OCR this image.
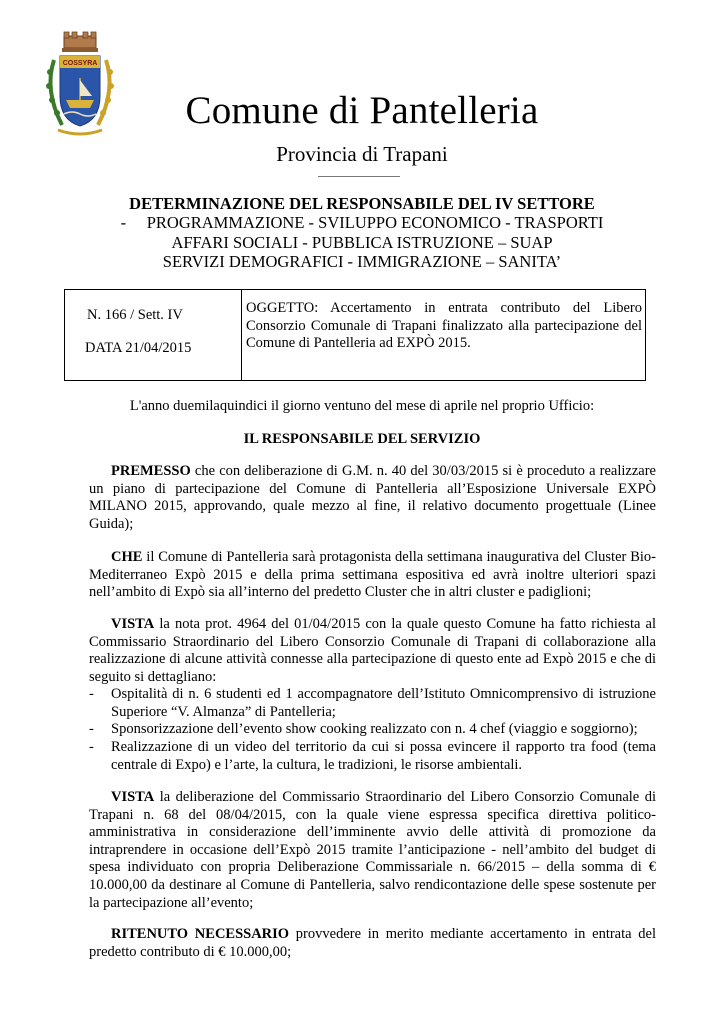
COSSYRA
Comune di Pantelleria
Provincia di Trapani
DETERMINAZIONE DEL RESPONSABILE DEL IV SETTORE
-     PROGRAMMAZIONE - SVILUPPO ECONOMICO - TRASPORTI
AFFARI SOCIALI - PUBBLICA ISTRUZIONE – SUAP
SERVIZI DEMOGRAFICI - IMMIGRAZIONE – SANITA’
N. 166 / Sett. IV
DATA 21/04/2015
OGGETTO: Accertamento in entrata contributo del Libero Consorzio Comunale di Trapani finalizzato alla partecipazione del Comune di Pantelleria ad EXPÒ 2015.
L'anno duemilaquindici il giorno ventuno del mese di aprile nel proprio Ufficio:
IL RESPONSABILE DEL SERVIZIO
PREMESSO che con deliberazione di G.M. n. 40 del 30/03/2015 si è proceduto a realizzare un piano di partecipazione del Comune di Pantelleria all’Esposizione Universale EXPÒ MILANO 2015, approvando, quale mezzo al fine, il relativo documento progettuale (Linee Guida);
CHE il Comune di Pantelleria sarà protagonista della settimana inaugurativa del Cluster Bio-Mediterraneo Expò 2015 e della prima settimana espositiva ed avrà inoltre ulteriori spazi nell’ambito di Expò sia all’interno del predetto Cluster che in altri cluster e padiglioni;
VISTA la nota prot. 4964 del 01/04/2015 con la quale questo Comune ha fatto richiesta al Commissario Straordinario del Libero Consorzio Comunale di Trapani di collaborazione alla realizzazione di alcune attività connesse alla partecipazione di questo ente ad Expò 2015 e che di seguito si dettagliano:
-	Ospitalità di n. 6 studenti ed 1 accompagnatore dell’Istituto Omnicomprensivo di istruzione Superiore “V. Almanza” di Pantelleria;
-	Sponsorizzazione dell’evento show cooking realizzato con n. 4 chef (viaggio e soggiorno);
-	Realizzazione di un video del territorio da cui si possa evincere il rapporto tra food (tema centrale di Expo) e l’arte, la cultura, le tradizioni, le risorse ambientali.
VISTA la deliberazione del Commissario Straordinario del Libero Consorzio Comunale di Trapani n. 68 del 08/04/2015, con la quale viene espressa specifica direttiva politico-amministrativa in considerazione dell’imminente avvio delle attività di promozione da intraprendere in occasione dell’Expò 2015 tramite l’anticipazione - nell’ambito del budget di spesa individuato con propria Deliberazione Commissariale n. 66/2015 – della somma di € 10.000,00 da destinare al Comune di Pantelleria, salvo rendicontazione delle spese sostenute per la partecipazione all’evento;
RITENUTO NECESSARIO provvedere in merito mediante accertamento in entrata del predetto contributo di € 10.000,00;
